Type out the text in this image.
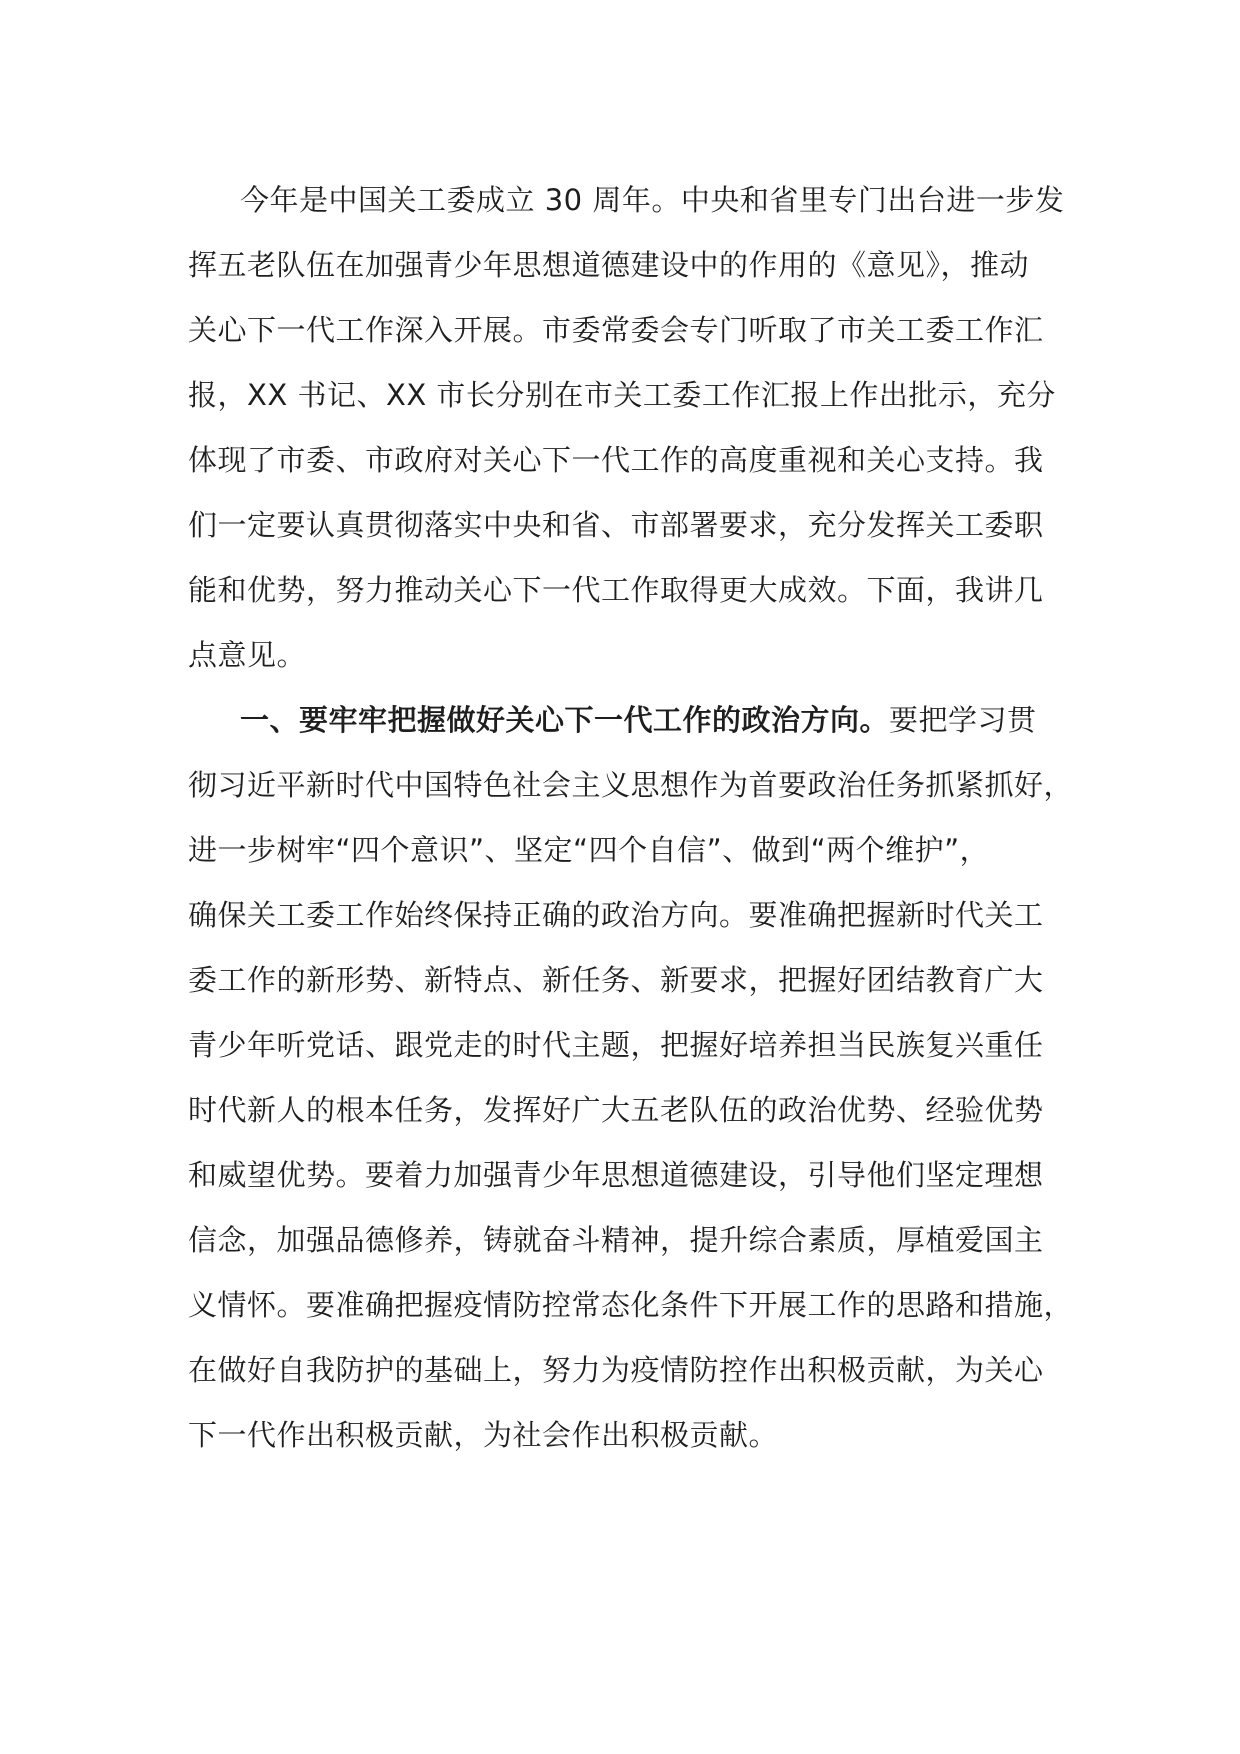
今年是中国关工委成立 30 周年。中央和省里专门出台进一步发
挥五老队伍在加强青少年思想道德建设中的作用的《意见》，推动
关心下一代工作深入开展。市委常委会专门听取了市关工委工作汇
报，XX 书记、XX 市长分别在市关工委工作汇报上作出批示，充分
体现了市委、市政府对关心下一代工作的高度重视和关心支持。我
们一定要认真贯彻落实中央和省、市部署要求，充分发挥关工委职
能和优势，努力推动关心下一代工作取得更大成效。下面，我讲几
点意见。
一、要牢牢把握做好关心下一代工作的政治方向。要把学习贯
彻习近平新时代中国特色社会主义思想作为首要政治任务抓紧抓好，
进一步树牢“四个意识”、坚定“四个自信”、做到“两个维护”，
确保关工委工作始终保持正确的政治方向。要准确把握新时代关工
委工作的新形势、新特点、新任务、新要求，把握好团结教育广大
青少年听党话、跟党走的时代主题，把握好培养担当民族复兴重任
时代新人的根本任务，发挥好广大五老队伍的政治优势、经验优势
和威望优势。要着力加强青少年思想道德建设，引导他们坚定理想
信念，加强品德修养，铸就奋斗精神，提升综合素质，厚植爱国主
义情怀。要准确把握疫情防控常态化条件下开展工作的思路和措施，
在做好自我防护的基础上，努力为疫情防控作出积极贡献，为关心
下一代作出积极贡献，为社会作出积极贡献。
